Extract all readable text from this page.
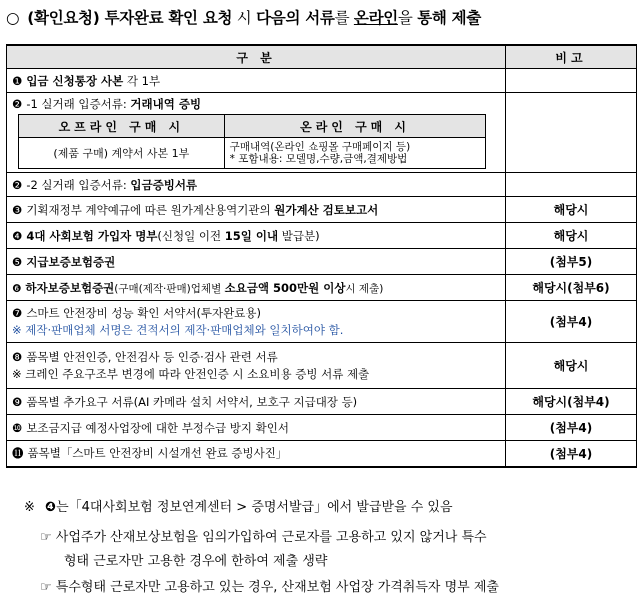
○ (확인요청) 투자완료 확인 요청 시 다음의 서류를 온라인을 통해 제출
구 분	비고
❶ 입금 신청통장 사본 각 1부	

❷ -1 실거래 입증서류: 거래내역 증빙
오프라인 구매 시	온라인 구매 시
(제품 구매) 계약서 사본 1부	구매내역(온라인 쇼핑몰 구매페이지 등)
* 포함내용: 모델명,수량,금액,결제방법

❷ -2 실거래 입증서류: 입금증빙서류	
❸ 기획재정부 계약예규에 따른 원가계산용역기관의 원가계산 검토보고서	해당시
❹ 4대 사회보험 가입자 명부(신청일 이전 15일 이내 발급분)	해당시
❺ 지급보증보험증권	(첨부5)
❻ 하자보증보험증권(구매(제작·판매)업체별 소요금액 500만원 이상시 제출)	해당시(첨부6)

❼ 스마트 안전장비 성능 확인 서약서(투자완료용)
※ 제작·판매업체 서명은 견적서의 제작·판매업체와 일치하여야 함.
	(첨부4)

❽ 품목별 안전인증, 안전검사 등 인증·검사 관련 서류
※ 크레인 주요구조부 변경에 따라 안전인증 시 소요비용 증빙 서류 제출
	해당시
❾ 품목별 추가요구 서류(AI 카메라 설치 서약서, 보호구 지급대장 등)	해당시(첨부4)
❿ 보조금지급 예정사업장에 대한 부정수급 방지 확인서	(첨부4)
⓫ 품목별「스마트 안전장비 시설개선 완료 증빙사진」	(첨부4)
※ ❹는「4대사회보험 정보연계센터 > 증명서발급」에서 발급받을 수 있음
☞ 사업주가 산재보상보험을 임의가입하여 근로자를 고용하고 있지 않거나 특수
형태 근로자만 고용한 경우에 한하여 제출 생략
☞ 특수형태 근로자만 고용하고 있는 경우, 산재보험 사업장 가격취득자 명부 제출
